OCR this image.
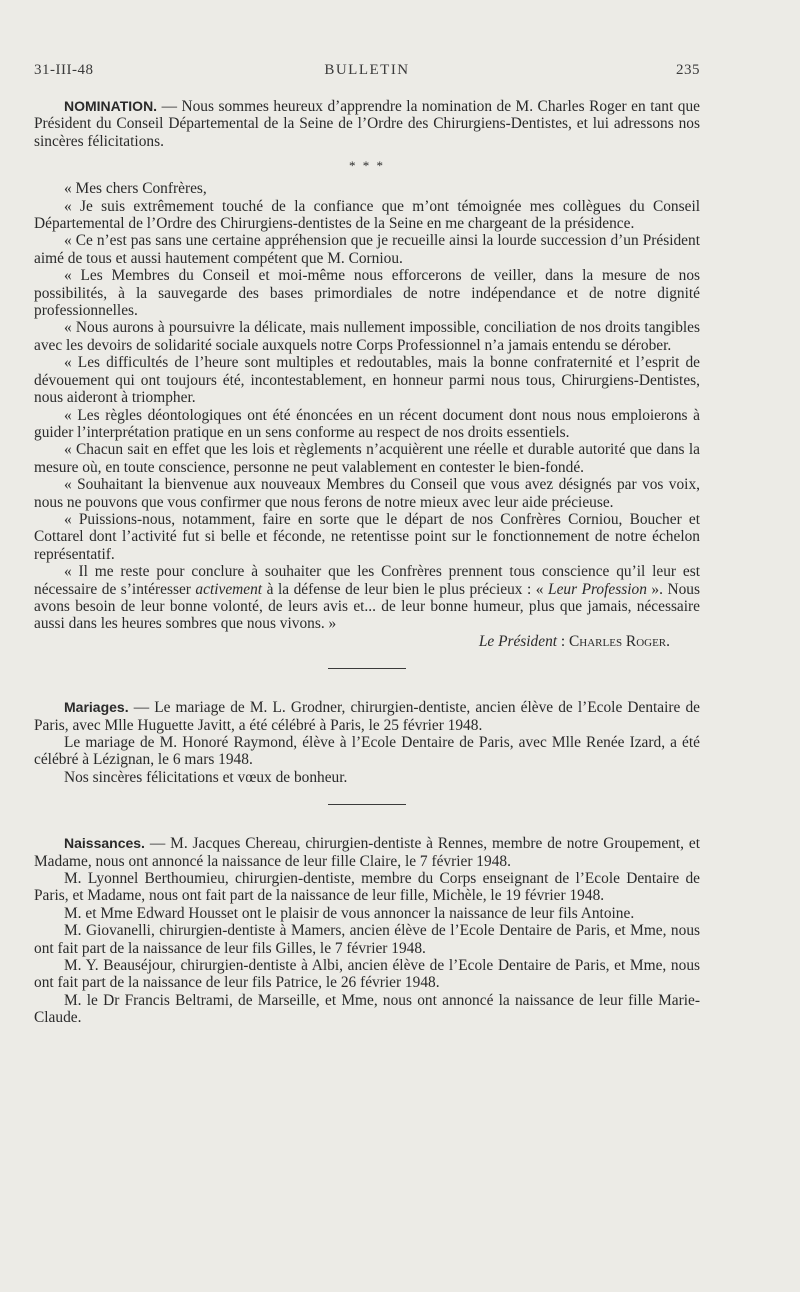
31-III-48	BULLETIN	235

NOMINATION. — Nous sommes heureux d’apprendre la nomination de M. Charles Roger en tant que Président du Conseil Départemental de la Seine de l’Ordre des Chirurgiens-Dentistes, et lui adressons nos sincères félicitations.

* * *

« Mes chers Confrères,

« Je suis extrêmement touché de la confiance que m’ont témoignée mes collègues du Conseil Départemental de l’Ordre des Chirurgiens-dentistes de la Seine en me chargeant de la présidence.

« Ce n’est pas sans une certaine appréhension que je recueille ainsi la lourde succession d’un Président aimé de tous et aussi hautement compétent que M. Corniou.

« Les Membres du Conseil et moi-même nous efforcerons de veiller, dans la mesure de nos possibilités, à la sauvegarde des bases primordiales de notre indépendance et de notre dignité professionnelles.

« Nous aurons à poursuivre la délicate, mais nullement impossible, conciliation de nos droits tangibles avec les devoirs de solidarité sociale auxquels notre Corps Professionnel n’a jamais entendu se dérober.

« Les difficultés de l’heure sont multiples et redoutables, mais la bonne confraternité et l’esprit de dévouement qui ont toujours été, incontestablement, en honneur parmi nous tous, Chirurgiens-Dentistes, nous aideront à triompher.

« Les règles déontologiques ont été énoncées en un récent document dont nous nous emploierons à guider l’interprétation pratique en un sens conforme au respect de nos droits essentiels.

« Chacun sait en effet que les lois et règlements n’acquièrent une réelle et durable autorité que dans la mesure où, en toute conscience, personne ne peut valablement en contester le bien-fondé.

« Souhaitant la bienvenue aux nouveaux Membres du Conseil que vous avez désignés par vos voix, nous ne pouvons que vous confirmer que nous ferons de notre mieux avec leur aide précieuse.

« Puissions-nous, notamment, faire en sorte que le départ de nos Confrères Corniou, Boucher et Cottarel dont l’activité fut si belle et féconde, ne retentisse point sur le fonctionnement de notre échelon représentatif.

« Il me reste pour conclure à souhaiter que les Confrères prennent tous conscience qu’il leur est nécessaire de s’intéresser activement à la défense de leur bien le plus précieux : « Leur Profession ». Nous avons besoin de leur bonne volonté, de leurs avis et... de leur bonne humeur, plus que jamais, nécessaire aussi dans les heures sombres que nous vivons. »

Le Président : Charles Roger.

Mariages. — Le mariage de M. L. Grodner, chirurgien-dentiste, ancien élève de l’Ecole Dentaire de Paris, avec Mlle Huguette Javitt, a été célébré à Paris, le 25 février 1948.

Le mariage de M. Honoré Raymond, élève à l’Ecole Dentaire de Paris, avec Mlle Renée Izard, a été célébré à Lézignan, le 6 mars 1948.

Nos sincères félicitations et vœux de bonheur.

Naissances. — M. Jacques Chereau, chirurgien-dentiste à Rennes, membre de notre Groupement, et Madame, nous ont annoncé la naissance de leur fille Claire, le 7 février 1948.

M. Lyonnel Berthoumieu, chirurgien-dentiste, membre du Corps enseignant de l’Ecole Dentaire de Paris, et Madame, nous ont fait part de la naissance de leur fille, Michèle, le 19 février 1948.

M. et Mme Edward Housset ont le plaisir de vous annoncer la naissance de leur fils Antoine.

M. Giovanelli, chirurgien-dentiste à Mamers, ancien élève de l’Ecole Dentaire de Paris, et Mme, nous ont fait part de la naissance de leur fils Gilles, le 7 février 1948.

M. Y. Beauséjour, chirurgien-dentiste à Albi, ancien élève de l’Ecole Dentaire de Paris, et Mme, nous ont fait part de la naissance de leur fils Patrice, le 26 février 1948.

M. le Dr Francis Beltrami, de Marseille, et Mme, nous ont annoncé la naissance de leur fille Marie-Claude.
